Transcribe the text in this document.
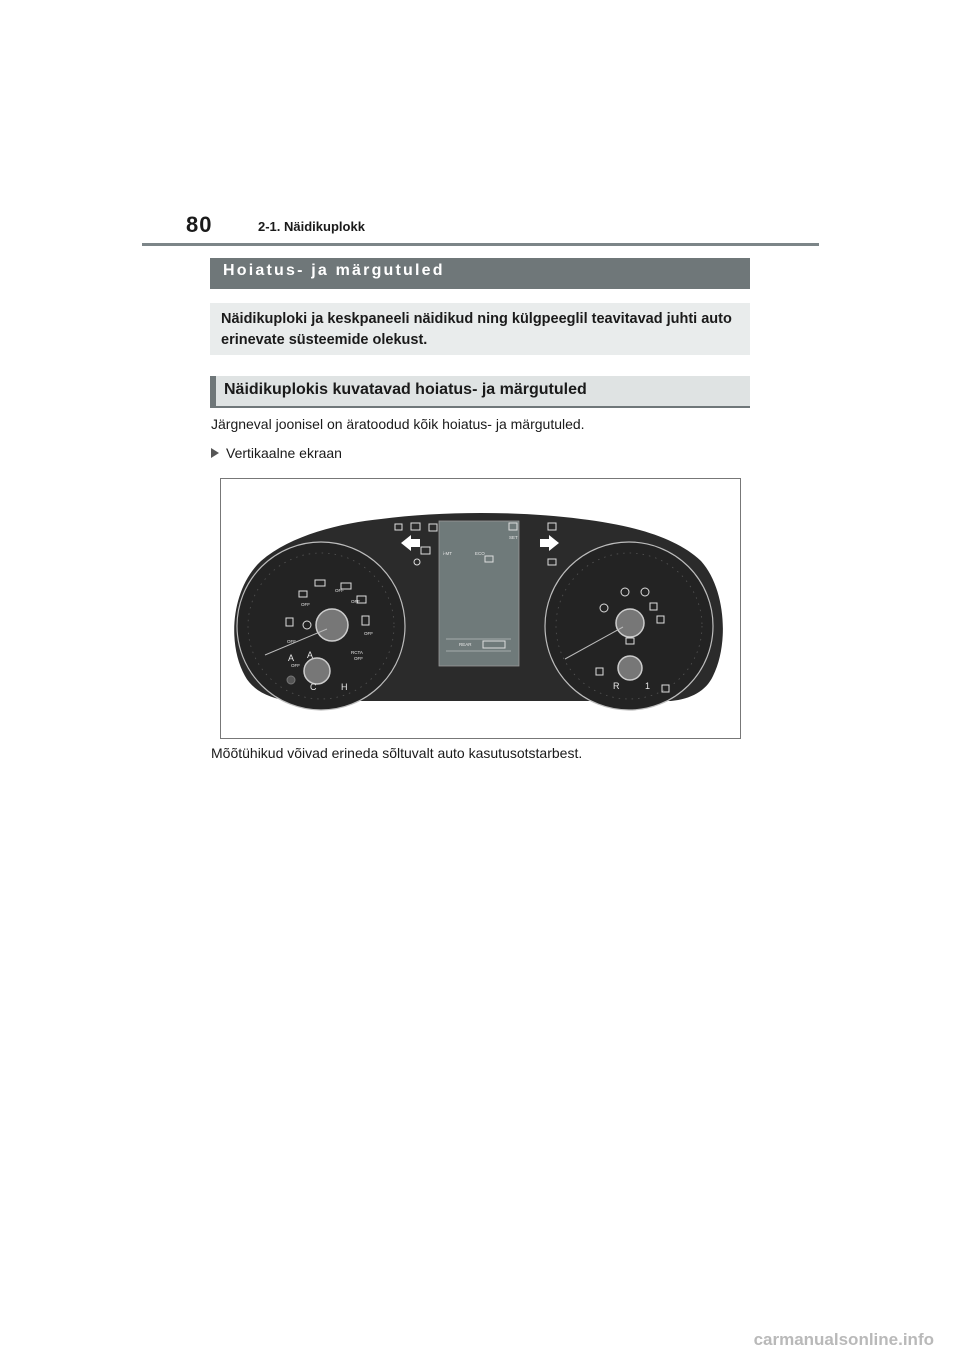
80	2-1. Näidikuplokk
Hoiatus- ja märgutuled

Näidikuploki ja keskpaneeli näidikud ning külgpeeglil teavitavad juhti auto erinevate süsteemide olekust.

Näidikuplokis kuvatavad hoiatus- ja märgutuled
Järgneval joonisel on äratoodud kõik hoiatus- ja märgutuled.
Vertikaalne ekraan
OFF
OFF
OFF
OFF
OFF
OFF
OFF
RCTA
SET
i-MT	ECO
REAR
A A
C	H	R	1
Mõõtühikud võivad erineda sõltuvalt auto kasutusotstarbest.
carmanualsonline.info
